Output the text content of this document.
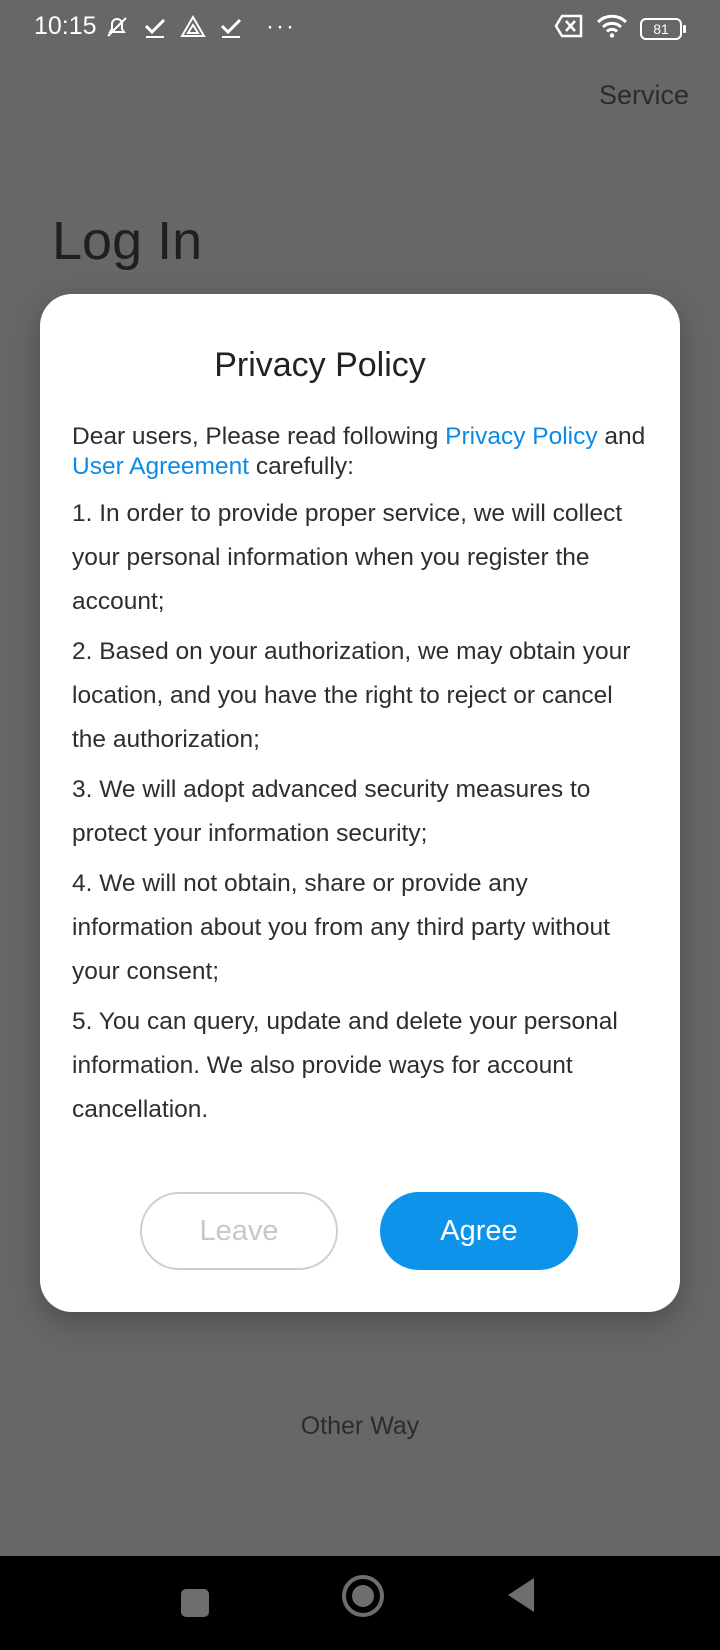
10:15	···	81
Service
Log In
Other Way
Privacy Policy

Dear users, Please read following Privacy Policy and User Agreement carefully:

1. In order to provide proper service, we will collect your personal information when you register the account;

2. Based on your authorization, we may obtain your location, and you have the right to reject or cancel the authorization;

3. We will adopt advanced security measures to protect your information security;

4. We will not obtain, share or provide any information about you from any third party without your consent;

5. You can query, update and delete your personal information. We also provide ways for account cancellation.

Leave	Agree
